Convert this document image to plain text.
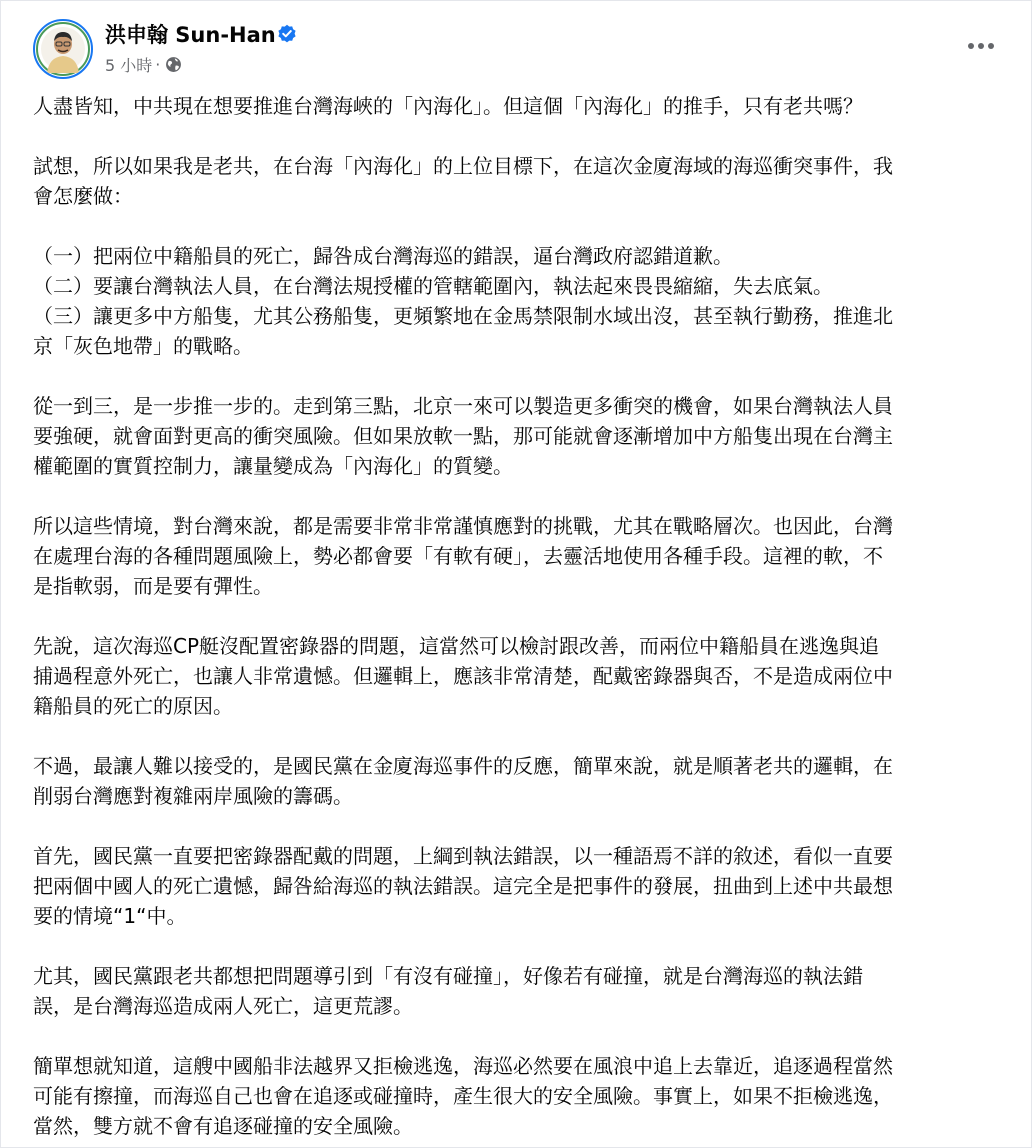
洪申翰 Sun-Han
5 小時 ·

人盡皆知，中共現在想要推進台灣海峽的「內海化」。但這個「內海化」的推手，只有老共嗎？

試想，所以如果我是老共，在台海「內海化」的上位目標下，在這次金廈海域的海巡衝突事件，我
會怎麼做：

（一）把兩位中籍船員的死亡，歸咎成台灣海巡的錯誤，逼台灣政府認錯道歉。
（二）要讓台灣執法人員，在台灣法規授權的管轄範圍內，執法起來畏畏縮縮，失去底氣。
（三）讓更多中方船隻，尤其公務船隻，更頻繁地在金馬禁限制水域出沒，甚至執行勤務，推進北
京「灰色地帶」的戰略。

從一到三，是一步推一步的。走到第三點，北京一來可以製造更多衝突的機會，如果台灣執法人員
要強硬，就會面對更高的衝突風險。但如果放軟一點，那可能就會逐漸增加中方船隻出現在台灣主
權範圍的實質控制力，讓量變成為「內海化」的質變。

所以這些情境，對台灣來說，都是需要非常非常謹慎應對的挑戰，尤其在戰略層次。也因此，台灣
在處理台海的各種問題風險上，勢必都會要「有軟有硬」，去靈活地使用各種手段。這裡的軟，不
是指軟弱，而是要有彈性。

先說，這次海巡CP艇沒配置密錄器的問題，這當然可以檢討跟改善，而兩位中籍船員在逃逸與追
捕過程意外死亡，也讓人非常遺憾。但邏輯上，應該非常清楚，配戴密錄器與否，不是造成兩位中
籍船員的死亡的原因。

不過，最讓人難以接受的，是國民黨在金廈海巡事件的反應，簡單來說，就是順著老共的邏輯，在
削弱台灣應對複雜兩岸風險的籌碼。

首先，國民黨一直要把密錄器配戴的問題，上綱到執法錯誤，以一種語焉不詳的敘述，看似一直要
把兩個中國人的死亡遺憾，歸咎給海巡的執法錯誤。這完全是把事件的發展，扭曲到上述中共最想
要的情境“1“中。

尤其，國民黨跟老共都想把問題導引到「有沒有碰撞」，好像若有碰撞，就是台灣海巡的執法錯
誤，是台灣海巡造成兩人死亡，這更荒謬。

簡單想就知道，這艘中國船非法越界又拒檢逃逸，海巡必然要在風浪中追上去靠近，追逐過程當然
可能有擦撞，而海巡自己也會在追逐或碰撞時，產生很大的安全風險。事實上，如果不拒檢逃逸，
當然，雙方就不會有追逐碰撞的安全風險。
